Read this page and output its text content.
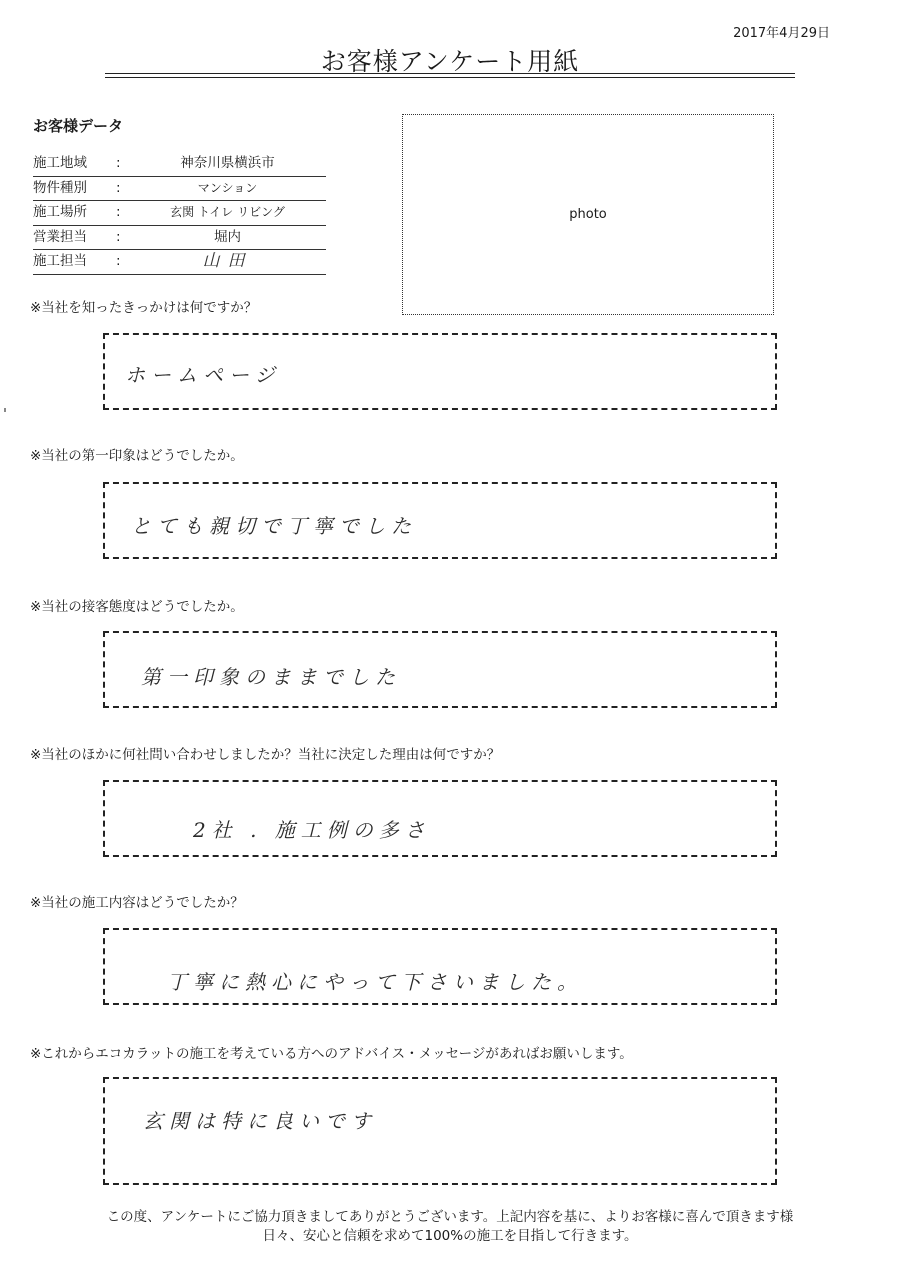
2017年4月29日
お客様アンケート用紙
お客様データ
施工地域 :	神奈川県横浜市
物件種別 :	マンション
施工場所 :	玄関 トイレ リビング
営業担当 :	堀内
施工担当 :	山田
photo
※当社を知ったきっかけは何ですか？
ホームページ
※当社の第一印象はどうでしたか。
とても親切で丁寧でした
※当社の接客態度はどうでしたか。
第一印象のままでした
※当社のほかに何社問い合わせしましたか？当社に決定した理由は何ですか？
2社 . 施工例の多さ
※当社の施工内容はどうでしたか？
丁寧に熱心にやって下さいました。
※これからエコカラットの施工を考えている方へのアドバイス・メッセージがあればお願いします。
玄関は特に良いです
この度、アンケートにご協力頂きましてありがとうございます。上記内容を基に、よりお客様に喜んで頂きます様
日々、安心と信頼を求めて100%の施工を目指して行きます。
